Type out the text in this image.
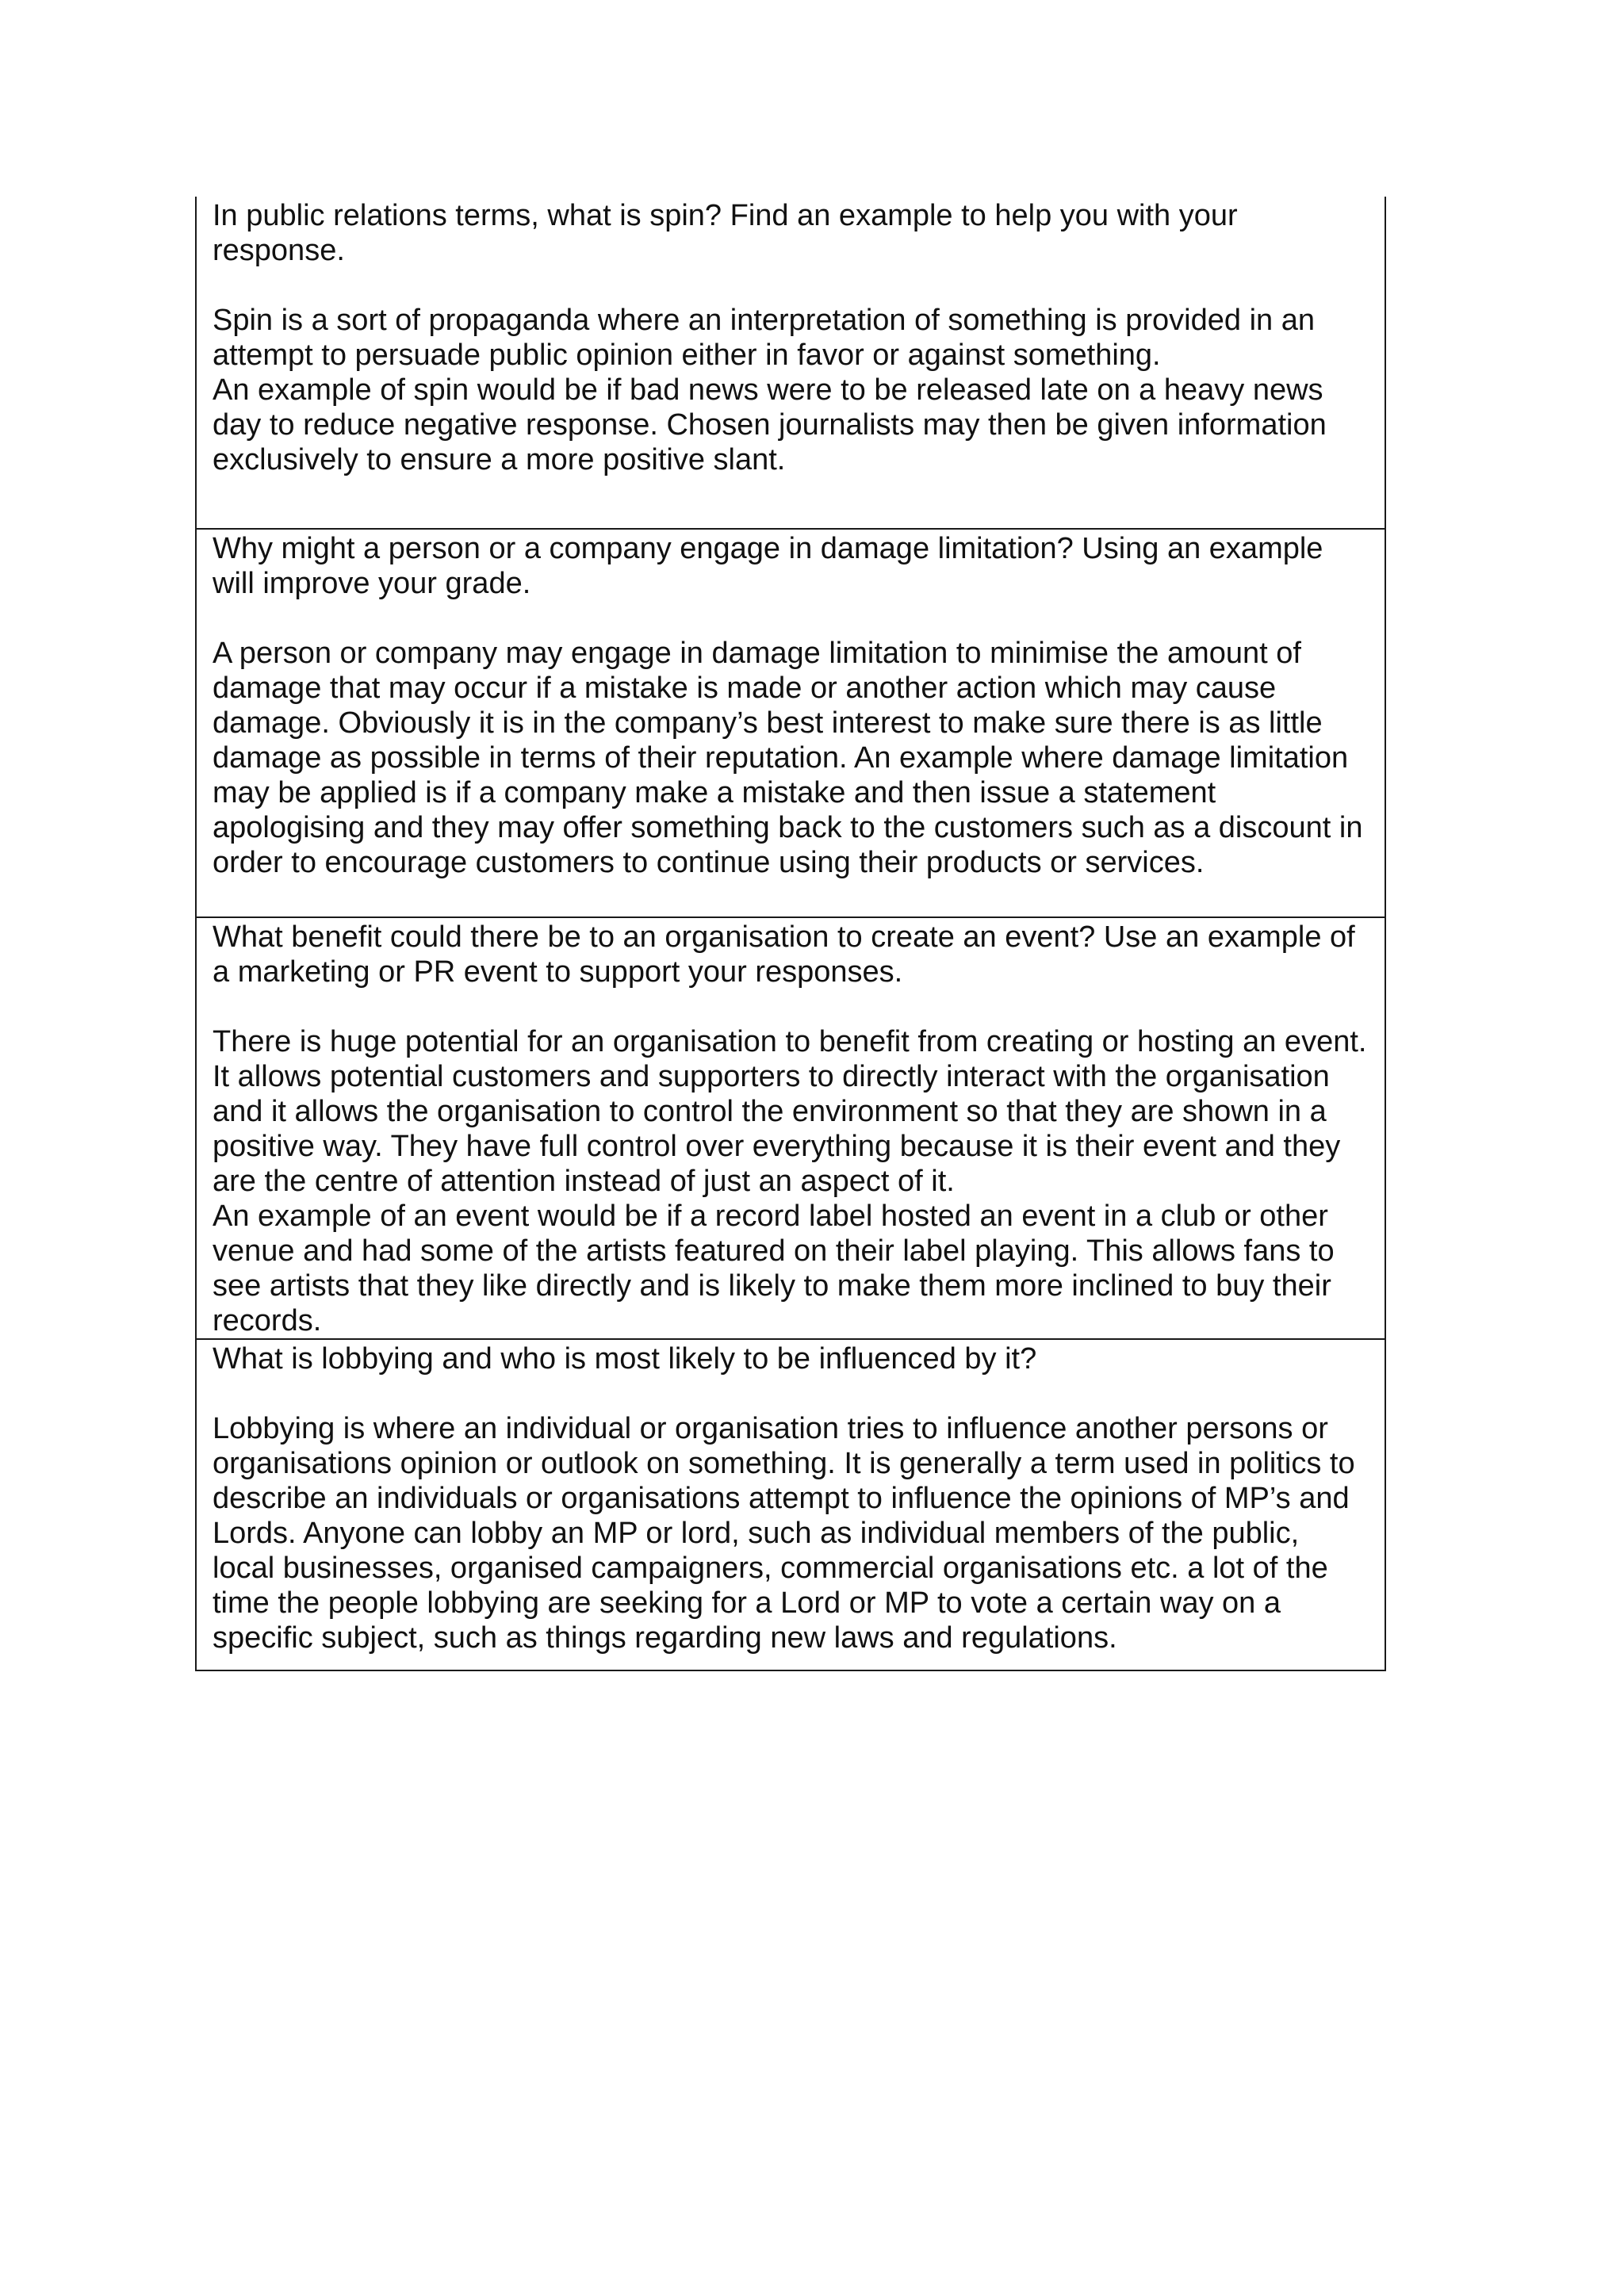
In public relations terms, what is spin? Find an example to help you with your response.

Spin is a sort of propaganda where an interpretation of something is provided in an attempt to persuade public opinion either in favor or against something.
An example of spin would be if bad news were to be released late on a heavy news day to reduce negative response. Chosen journalists may then be given information exclusively to ensure a more positive slant.

Why might a person or a company engage in damage limitation? Using an example will improve your grade.

A person or company may engage in damage limitation to minimise the amount of damage that may occur if a mistake is made or another action which may cause damage. Obviously it is in the company’s best interest to make sure there is as little damage as possible in terms of their reputation. An example where damage limitation may be applied is if a company make a mistake and then issue a statement apologising and they may offer something back to the customers such as a discount in order to encourage customers to continue using their products or services.

What benefit could there be to an organisation to create an event? Use an example of a marketing or PR event to support your responses.

There is huge potential for an organisation to benefit from creating or hosting an event. It allows potential customers and supporters to directly interact with the organisation and it allows the organisation to control the environment so that they are shown in a positive way. They have full control over everything because it is their event and they are the centre of attention instead of just an aspect of it.
An example of an event would be if a record label hosted an event in a club or other venue and had some of the artists featured on their label playing. This allows fans to see artists that they like directly and is likely to make them more inclined to buy their records.

What is lobbying and who is most likely to be influenced by it?

Lobbying is where an individual or organisation tries to influence another persons or organisations opinion or outlook on something. It is generally a term used in politics to describe an individuals or organisations attempt to influence the opinions of MP’s and Lords. Anyone can lobby an MP or lord, such as individual members of the public, local businesses, organised campaigners, commercial organisations etc. a lot of the time the people lobbying are seeking for a Lord or MP to vote a certain way on a specific subject, such as things regarding new laws and regulations.
